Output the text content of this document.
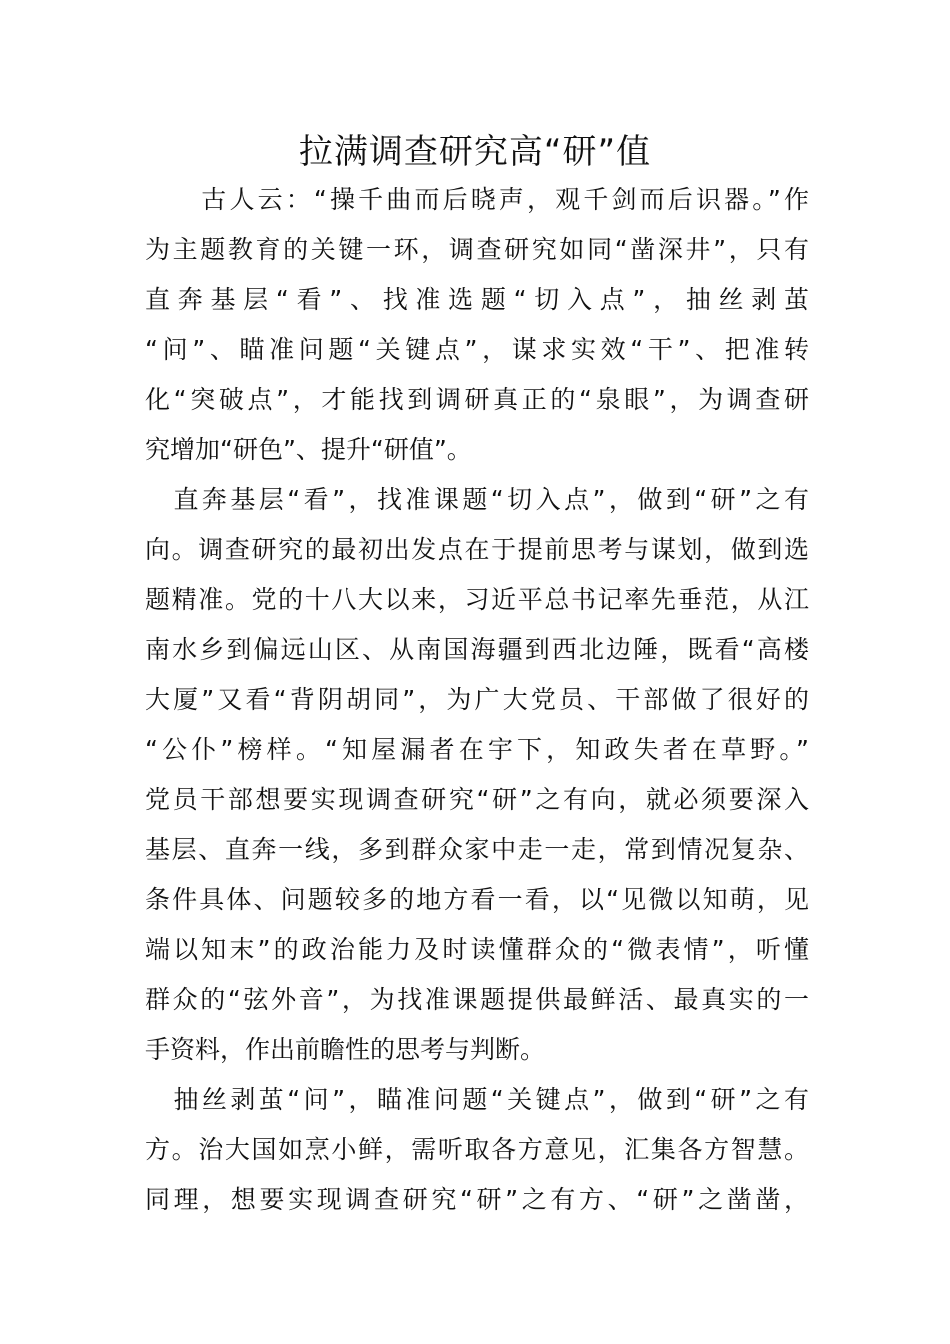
拉满调查研究高“研”值
　　古人云：“操千曲而后晓声，观千剑而后识器。”作
为主题教育的关键一环，调查研究如同“凿深井”，只有
直奔基层“看”、找准选题“切入点”，抽丝剥茧
“问”、瞄准问题“关键点”，谋求实效“干”、把准转
化“突破点”，才能找到调研真正的“泉眼”，为调查研
究增加“研色”、提升“研值”。
　直奔基层“看”，找准课题“切入点”，做到“研”之有
向。调查研究的最初出发点在于提前思考与谋划，做到选
题精准。党的十八大以来，习近平总书记率先垂范，从江
南水乡到偏远山区、从南国海疆到西北边陲，既看“高楼
大厦”又看“背阴胡同”，为广大党员、干部做了很好的
“公仆”榜样。“知屋漏者在宇下，知政失者在草野。”
党员干部想要实现调查研究“研”之有向，就必须要深入
基层、直奔一线，多到群众家中走一走，常到情况复杂、
条件具体、问题较多的地方看一看，以“见微以知萌，见
端以知末”的政治能力及时读懂群众的“微表情”，听懂
群众的“弦外音”，为找准课题提供最鲜活、最真实的一
手资料，作出前瞻性的思考与判断。
　抽丝剥茧“问”，瞄准问题“关键点”，做到“研”之有
方。治大国如烹小鲜，需听取各方意见，汇集各方智慧。
同理，想要实现调查研究“研”之有方、“研”之凿凿，
